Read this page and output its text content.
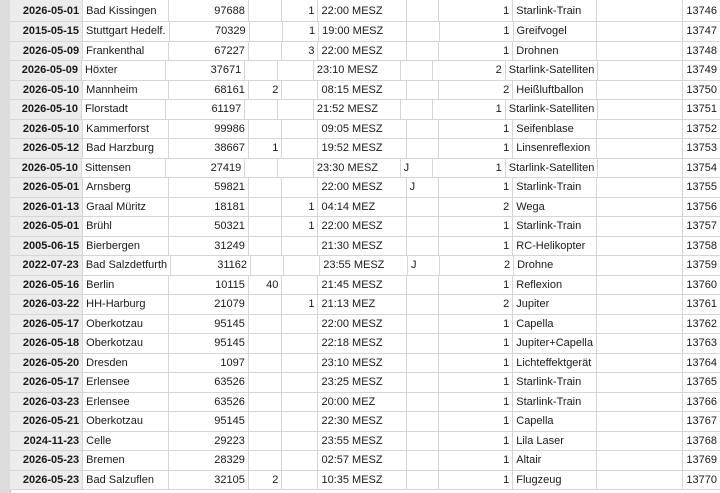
2026-05-01 Bad Kissingen	97688	1 22:00 MESZ	1 Starlink-Train	13746
2015-05-15 Stuttgart Hedelf.	70329	1 19:00 MESZ	1 Greifvogel	13747
2026-05-09 Frankenthal	67227	3 22:00 MESZ	1 Drohnen	13748
2026-05-09 Höxter	37671	23:10 MESZ	2 Starlink-Satelliten	13749
2026-05-10 Mannheim	68161	2	08:15 MESZ	2 Heißluftballon	13750
2026-05-10 Florstadt	61197	21:52 MESZ	1 Starlink-Satelliten	13751
2026-05-10 Kammerforst	99986	09:05 MESZ	1 Seifenblase	13752
2026-05-12 Bad Harzburg	38667	1	19:52 MESZ	1 Linsenreflexion	13753
2026-05-10 Sittensen	27419	23:30 MESZ	J	1 Starlink-Satelliten	13754
2026-05-01 Arnsberg	59821	22:00 MESZ	J	1 Starlink-Train	13755
2026-01-13 Graal Müritz	18181	1 04:14 MEZ	2 Wega	13756
2026-05-01 Brühl	50321	1 22:00 MESZ	1 Starlink-Train	13757
2005-06-15 Bierbergen	31249	21:30 MESZ	1 RC-Helikopter	13758
2022-07-23 Bad Salzdetfurth	31162	23:55 MESZ	J	2 Drohne	13759
2026-05-16 Berlin	10115	40	21:45 MESZ	1 Reflexion	13760
2026-03-22 HH-Harburg	21079	1 21:13 MEZ	2 Jupiter	13761
2026-05-17 Oberkotzau	95145	22:00 MESZ	1 Capella	13762
2026-05-18 Oberkotzau	95145	22:18 MESZ	1 Jupiter+Capella	13763
2026-05-20 Dresden	1097	23:10 MESZ	1 Lichteffektgerät	13764
2026-05-17 Erlensee	63526	23:25 MESZ	1 Starlink-Train	13765
2026-03-23 Erlensee	63526	20:00 MEZ	1 Starlink-Train	13766
2026-05-21 Oberkotzau	95145	22:30 MESZ	1 Capella	13767
2024-11-23 Celle	29223	23:55 MESZ	1 Lila Laser	13768
2026-05-23 Bremen	28329	02:57 MESZ	1 Altair	13769
2026-05-23 Bad Salzuflen	32105	2	10:35 MESZ	1 Flugzeug	13770
